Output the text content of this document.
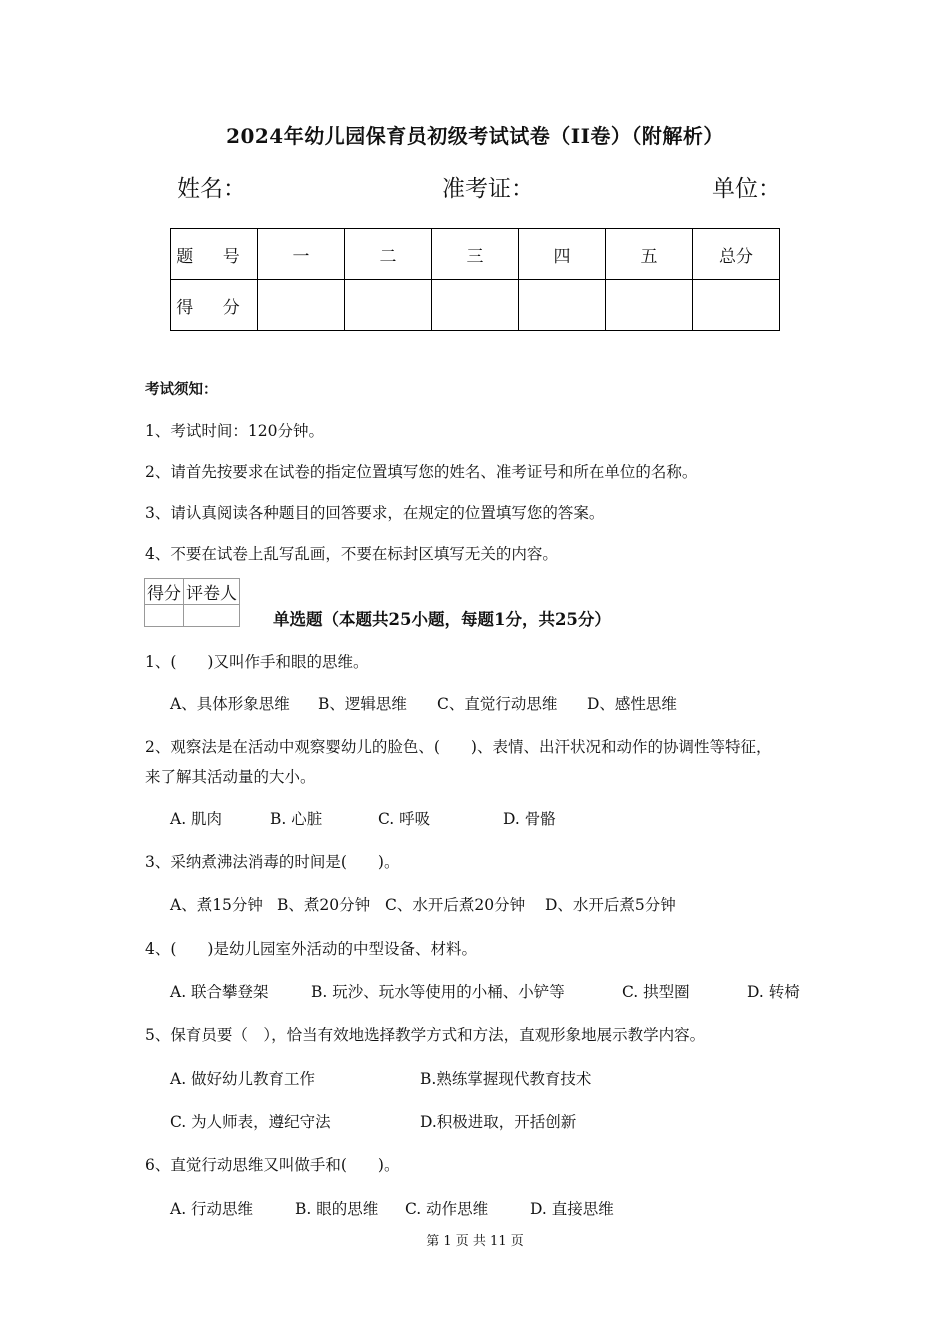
2024年幼儿园保育员初级考试试卷（II卷）（附解析）
姓名：	准考证：	单位：
题 号	一	二	三	四	五	总分
得 分						
考试须知：
1、考试时间：120分钟。
2、请首先按要求在试卷的指定位置填写您的姓名、准考证号和所在单位的名称。
3、请认真阅读各种题目的回答要求，在规定的位置填写您的答案。
4、不要在试卷上乱写乱画，不要在标封区填写无关的内容。
得分	评卷人

单选题（本题共25小题，每题1分，共25分）
1、(　　)又叫作手和眼的思维。
A、具体形象思维 B、逻辑思维 C、直觉行动思维 D、感性思维
2、观察法是在活动中观察婴幼儿的脸色、(　　)、表情、出汗状况和动作的协调性等特征，
来了解其活动量的大小。
A. 肌肉	B. 心脏	C. 呼吸	D. 骨骼
3、采纳煮沸法消毒的时间是(　　)。
A、煮15分钟 B、煮20分钟 C、水开后煮20分钟 D、水开后煮5分钟
4、(　　)是幼儿园室外活动的中型设备、材料。
A. 联合攀登架	B. 玩沙、玩水等使用的小桶、小铲等	C. 拱型圈	D. 转椅
5、保育员要（　），恰当有效地选择教学方式和方法，直观形象地展示教学内容。
A. 做好幼儿教育工作	B.熟练掌握现代教育技术
C. 为人师表，遵纪守法	D.积极进取，开括创新
6、直觉行动思维又叫做手和(　　)。
A. 行动思维	B. 眼的思维 C. 动作思维	D. 直接思维
第 1 页 共 11 页
